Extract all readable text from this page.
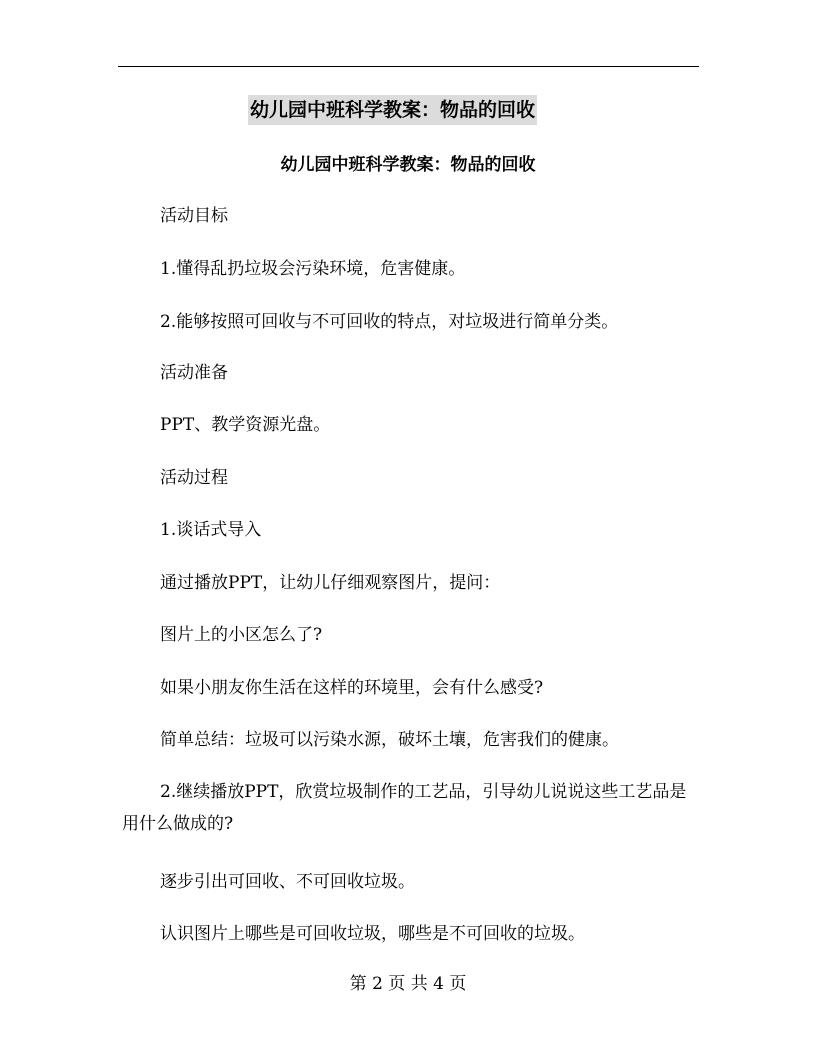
幼儿园中班科学教案：物品的回收
幼儿园中班科学教案：物品的回收
活动目标
1.懂得乱扔垃圾会污染环境，危害健康。
2.能够按照可回收与不可回收的特点，对垃圾进行简单分类。
活动准备
PPT、教学资源光盘。
活动过程
1.谈话式导入
通过播放PPT，让幼儿仔细观察图片，提问：
图片上的小区怎么了?
如果小朋友你生活在这样的环境里，会有什么感受?
简单总结：垃圾可以污染水源，破坏土壤，危害我们的健康。
2.继续播放PPT，欣赏垃圾制作的工艺品，引导幼儿说说这些工艺品是用什么做成的?
逐步引出可回收、不可回收垃圾。
认识图片上哪些是可回收垃圾，哪些是不可回收的垃圾。
第 2 页 共 4 页
